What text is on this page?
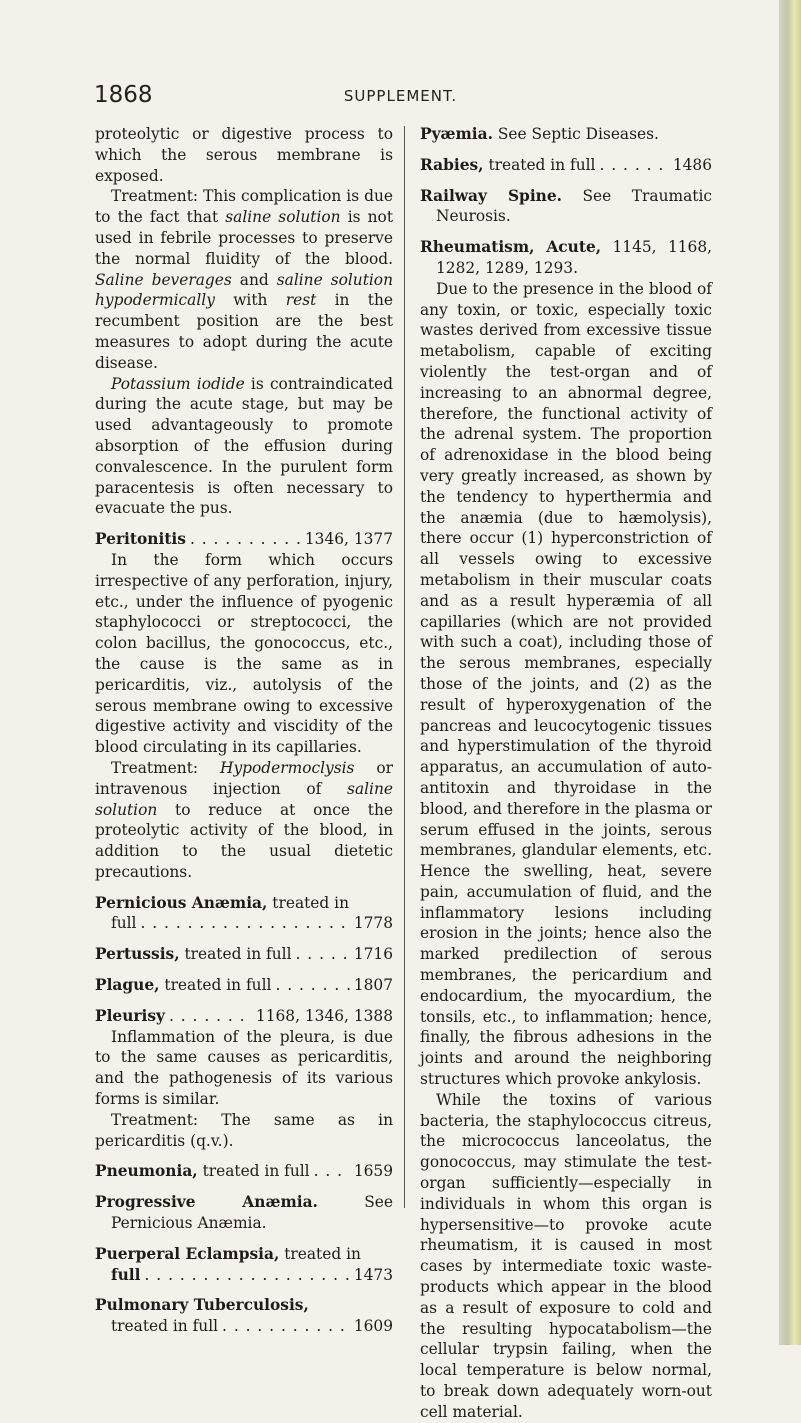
1868	SUPPLEMENT.

proteolytic or digestive process to which the serous membrane is exposed.

Treatment: This complication is due to the fact that saline solution is not used in febrile processes to preserve the normal fluidity of the blood. Saline beverages and saline solution hypodermically with rest in the recumbent position are the best measures to adopt during the acute disease.

Potassium iodide is contraindicated during the acute stage, but may be used advantageously to promote absorption of the effusion during convalescence. In the purulent form paracentesis is often necessary to evacuate the pus.

Peritonitis . . .	1346, 1377

In the form which occurs irrespective of any perforation, injury, etc., under the influence of pyogenic staphylococci or streptococci, the colon bacillus, the gonococcus, etc., the cause is the same as in pericarditis, viz., autolysis of the serous membrane owing to excessive digestive activity and viscidity of the blood circulating in its capillaries.

Treatment: Hypodermoclysis or intravenous injection of saline solution to reduce at once the proteolytic activity of the blood, in addition to the usual dietetic precautions.

Pernicious Anæmia, treated in
full . . .	1778
Pertussis, treated in full . . .	1716
Plague, treated in full . . .	1807
Pleurisy . . .	1168, 1346, 1388

Inflammation of the pleura, is due to the same causes as pericarditis, and the pathogenesis of its various forms is similar.

Treatment: The same as in pericarditis (q.v.).

Pneumonia, treated in full . . .	1659

Progressive Anæmia. See Pernicious Anæmia.

Puerperal Eclampsia, treated in
full . . .	1473
Pulmonary Tuberculosis,
treated in full . . .	1609

Pyæmia. See Septic Diseases.

Rabies, treated in full . . .	1486

Railway Spine. See Traumatic Neurosis.

Rheumatism, Acute, 1145, 1168, 1282, 1289, 1293.

Due to the presence in the blood of any toxin, or toxic, especially toxic wastes derived from excessive tissue metabolism, capable of exciting violently the test-organ and of increasing to an abnormal degree, therefore, the functional activity of the adrenal system. The proportion of adrenoxidase in the blood being very greatly increased, as shown by the tendency to hyperthermia and the anæmia (due to hæmolysis), there occur (1) hyperconstriction of all vessels owing to excessive metabolism in their muscular coats and as a result hyperæmia of all capillaries (which are not provided with such a coat), including those of the serous membranes, especially those of the joints, and (2) as the result of hyperoxygenation of the pancreas and leucocytogenic tissues and hyperstimulation of the thyroid apparatus, an accumulation of auto-antitoxin and thyroidase in the blood, and therefore in the plasma or serum effused in the joints, serous membranes, glandular elements, etc. Hence the swelling, heat, severe pain, accumulation of fluid, and the inflammatory lesions including erosion in the joints; hence also the marked predilection of serous membranes, the pericardium and endocardium, the myocardium, the tonsils, etc., to inflammation; hence, finally, the fibrous adhesions in the joints and around the neighboring structures which provoke ankylosis.

While the toxins of various bacteria, the staphylococcus citreus, the micrococcus lanceolatus, the gonococcus, may stimulate the test-organ sufficiently—especially in individuals in whom this organ is hypersensitive—to provoke acute rheumatism, it is caused in most cases by intermediate toxic waste-products which appear in the blood as a result of exposure to cold and the resulting hypocatabolism—the cellular trypsin failing, when the local temperature is below normal, to break down adequately worn-out cell material.
